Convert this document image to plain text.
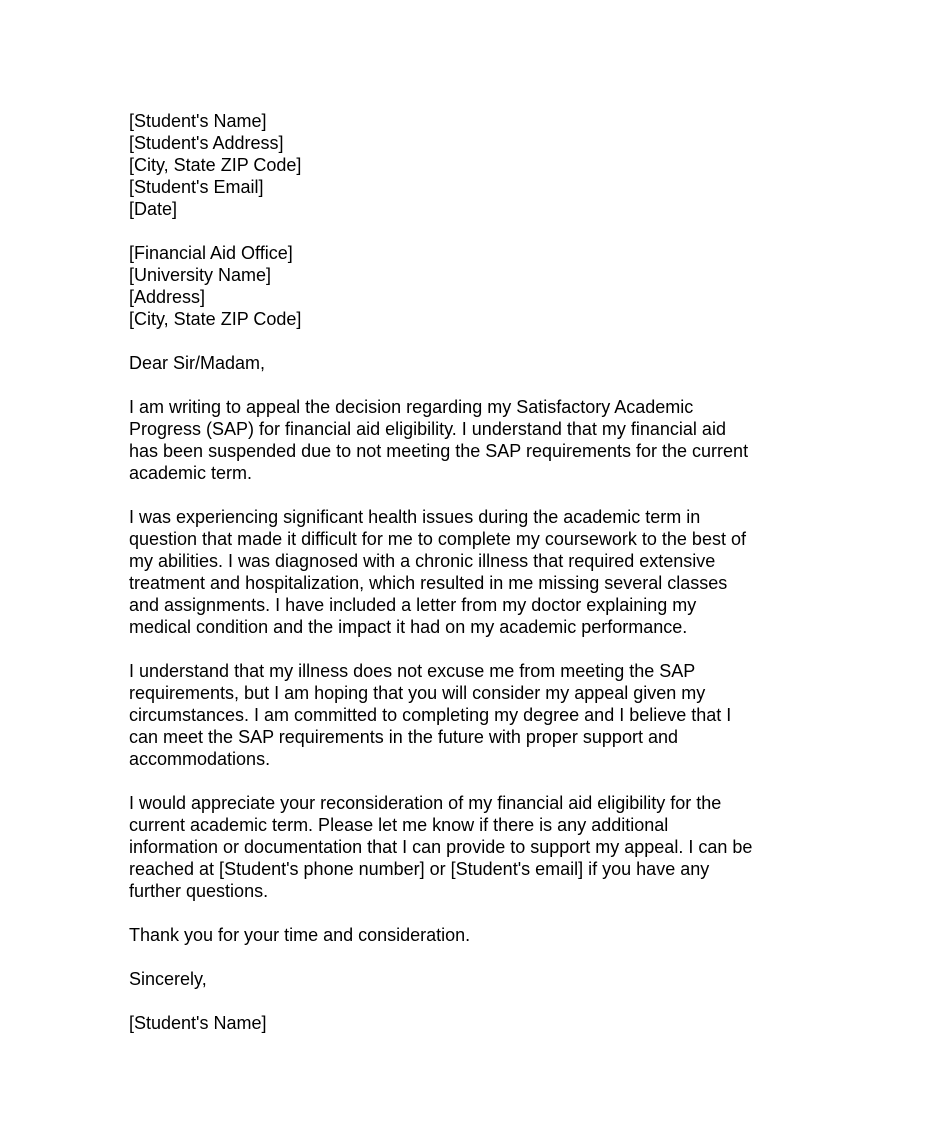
[Student's Name]
[Student's Address]
[City, State ZIP Code]
[Student's Email]
[Date]
[Financial Aid Office]
[University Name]
[Address]
[City, State ZIP Code]
Dear Sir/Madam,

I am writing to appeal the decision regarding my Satisfactory Academic
Progress (SAP) for financial aid eligibility. I understand that my financial aid
has been suspended due to not meeting the SAP requirements for the current
academic term.

I was experiencing significant health issues during the academic term in
question that made it difficult for me to complete my coursework to the best of
my abilities. I was diagnosed with a chronic illness that required extensive
treatment and hospitalization, which resulted in me missing several classes
and assignments. I have included a letter from my doctor explaining my
medical condition and the impact it had on my academic performance.

I understand that my illness does not excuse me from meeting the SAP
requirements, but I am hoping that you will consider my appeal given my
circumstances. I am committed to completing my degree and I believe that I
can meet the SAP requirements in the future with proper support and
accommodations.

I would appreciate your reconsideration of my financial aid eligibility for the
current academic term. Please let me know if there is any additional
information or documentation that I can provide to support my appeal. I can be
reached at [Student's phone number] or [Student's email] if you have any
further questions.

Thank you for your time and consideration.

Sincerely,
[Student's Name]
